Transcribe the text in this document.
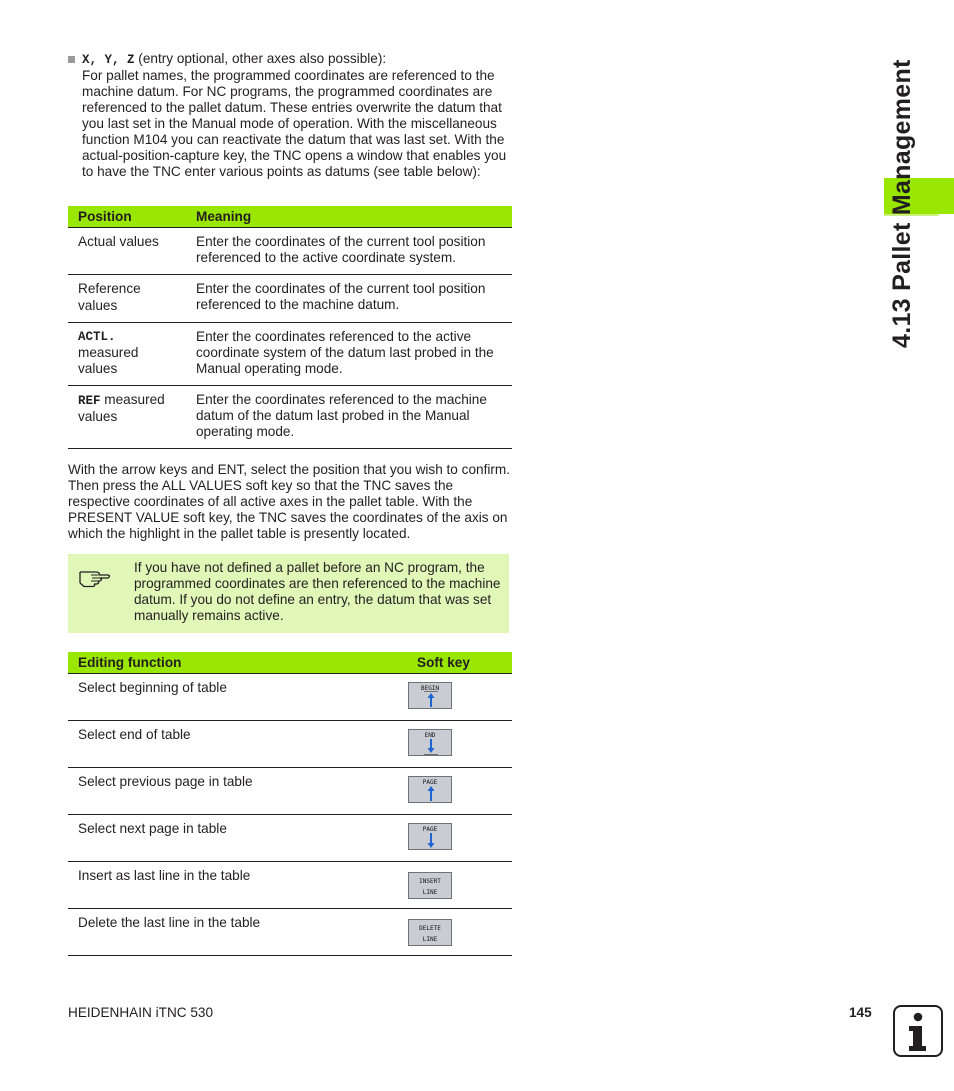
X, Y, Z (entry optional, other axes also possible):
For pallet names, the programmed coordinates are referenced to the machine datum. For NC programs, the programmed coordinates are referenced to the pallet datum. These entries overwrite the datum that you last set in the Manual mode of operation. With the miscellaneous function M104 you can reactivate the datum that was last set. With the actual-position-capture key, the TNC opens a window that enables you to have the TNC enter various points as datums (see table below):
Position	Meaning
Actual values	Enter the coordinates of the current tool position referenced to the active coordinate system.
Reference values	Enter the coordinates of the current tool position referenced to the machine datum.

ACTL.
measured values	Enter the coordinates referenced to the active coordinate system of the datum last probed in the Manual operating mode.
REF measured values	Enter the coordinates referenced to the machine datum of the datum last probed in the Manual operating mode.
With the arrow keys and ENT, select the position that you wish to confirm. Then press the ALL VALUES soft key so that the TNC saves the respective coordinates of all active axes in the pallet table. With the PRESENT VALUE soft key, the TNC saves the coordinates of the axis on which the highlight in the pallet table is presently located.
If you have not defined a pallet before an NC program, the programmed coordinates are then referenced to the machine datum. If you do not define an entry, the datum that was set manually remains active.
Editing function	Soft key
Select beginning of table	BEGIN

Select end of table	END

Select previous page in table	PAGE

Select next page in table	PAGE

Insert as last line in the table	INSERT
LINE

Delete the last line in the table	DELETE
LINE
4.13 Pallet Management
HEIDENHAIN iTNC 530	145
